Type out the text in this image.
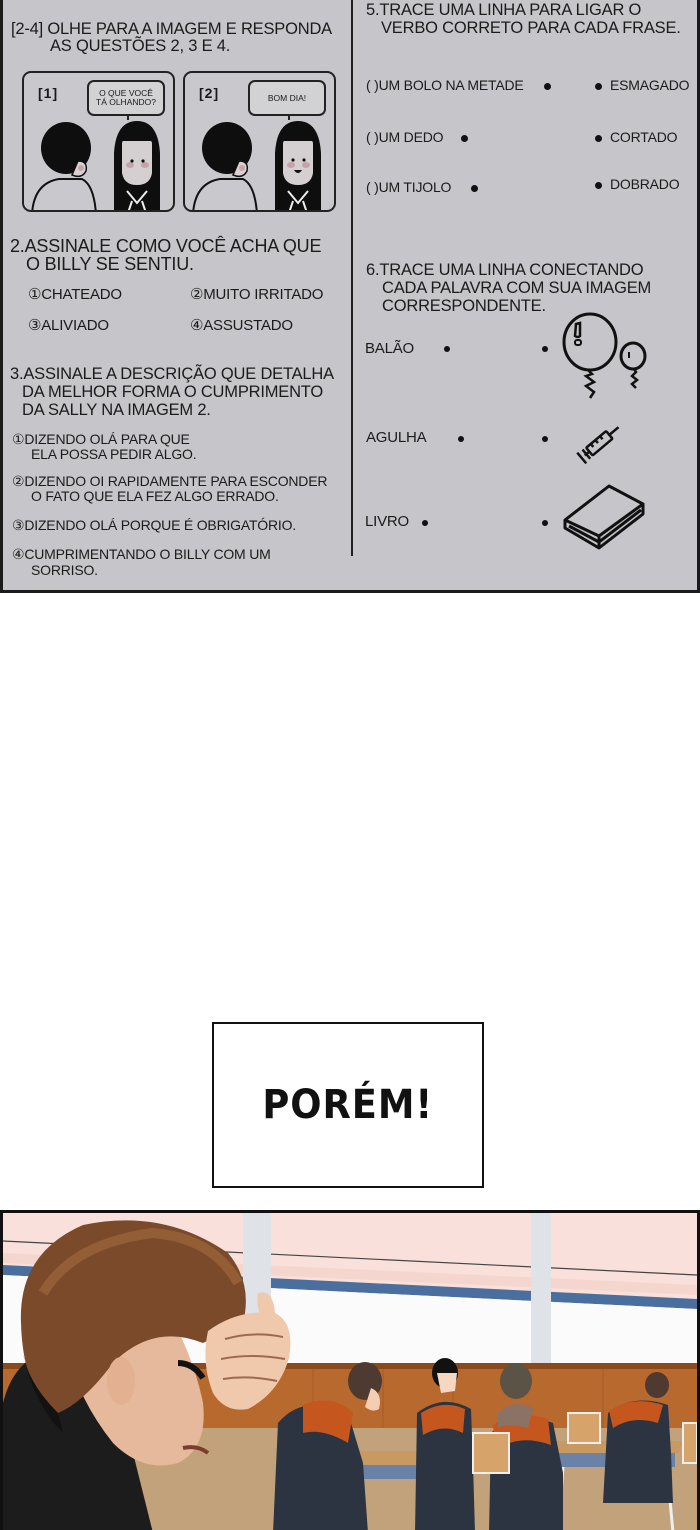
[2-4] OLHE PARA A IMAGEM E RESPONDA
AS QUESTÕES 2, 3 E 4.
[1]	O QUE VOCÊ
TÁ OLHANDO?
[2]	BOM DIA!
2.ASSINALE COMO VOCÊ ACHA QUE
O BILLY SE SENTIU.
①CHATEADO	②MUITO IRRITADO
③ALIVIADO	④ASSUSTADO
3.ASSINALE A DESCRIÇÃO QUE DETALHA
DA MELHOR FORMA O CUMPRIMENTO
DA SALLY NA IMAGEM 2.
①DIZENDO OLÁ PARA QUE
ELA POSSA PEDIR ALGO.
②DIZENDO OI RAPIDAMENTE PARA ESCONDER
O FATO QUE ELA FEZ ALGO ERRADO.
③DIZENDO OLÁ PORQUE É OBRIGATÓRIO.
④CUMPRIMENTANDO O BILLY COM UM
SORRISO.
5.TRACE UMA LINHA PARA LIGAR O
VERBO CORRETO PARA CADA FRASE.
( )UM BOLO NA METADE	ESMAGADO
( )UM DEDO	CORTADO
( )UM TIJOLO	DOBRADO
6.TRACE UMA LINHA CONECTANDO
CADA PALAVRA COM SUA IMAGEM
CORRESPONDENTE.
BALÃO
AGULHA
LIVRO
PORÉM!
